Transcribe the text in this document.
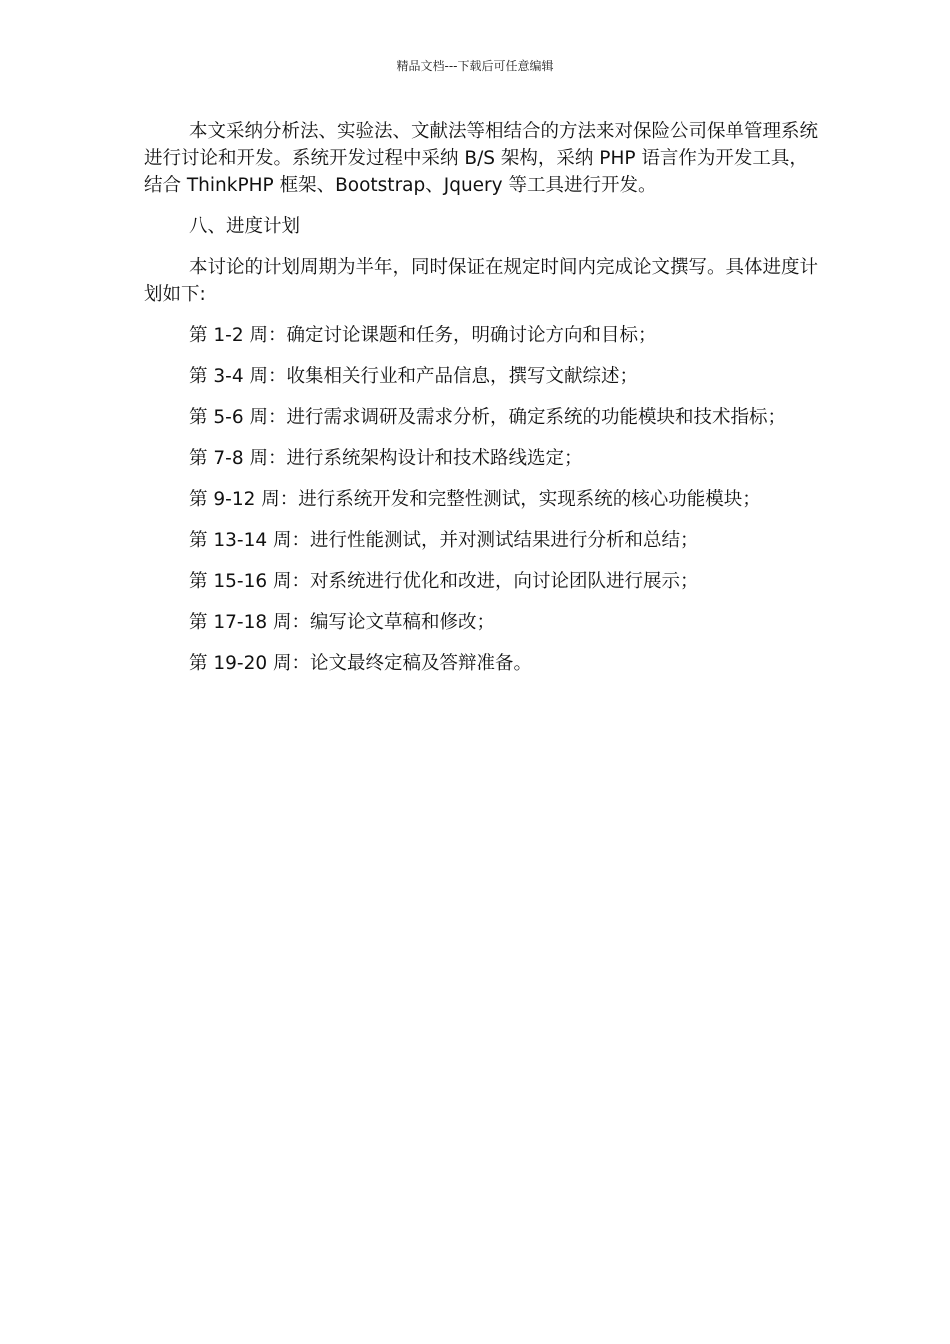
精品文档---下载后可任意编辑

本文采纳分析法、实验法、文献法等相结合的方法来对保险公司保单管理系统进行讨论和开发。系统开发过程中采纳 B/S 架构，采纳 PHP 语言作为开发工具，结合 ThinkPHP 框架、Bootstrap、Jquery 等工具进行开发。

八、进度计划

本讨论的计划周期为半年，同时保证在规定时间内完成论文撰写。具体进度计划如下:

第 1-2 周：确定讨论课题和任务，明确讨论方向和目标；

第 3-4 周：收集相关行业和产品信息，撰写文献综述；

第 5-6 周：进行需求调研及需求分析，确定系统的功能模块和技术指标；

第 7-8 周：进行系统架构设计和技术路线选定；

第 9-12 周：进行系统开发和完整性测试，实现系统的核心功能模块；

第 13-14 周：进行性能测试，并对测试结果进行分析和总结；

第 15-16 周：对系统进行优化和改进，向讨论团队进行展示；

第 17-18 周：编写论文草稿和修改；

第 19-20 周：论文最终定稿及答辩准备。
